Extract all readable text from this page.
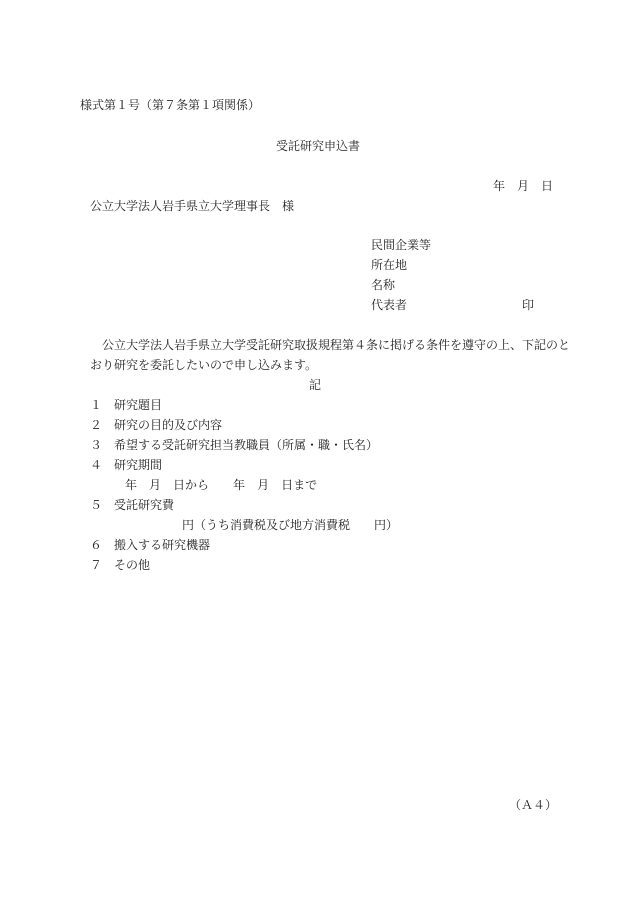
様式第１号（第７条第１項関係）
受託研究申込書
年 月 日
公立大学法人岩手県立大学理事長　様
民間企業等
所在地
名称
代表者	印
公立大学法人岩手県立大学受託研究取扱規程第４条に掲げる条件を遵守の上、下記のと
おり研究を委託したいので申し込みます。
記
１ 研究題目
２ 研究の目的及び内容
３ 希望する受託研究担当教職員（所属・職・氏名）
４ 研究期間
年 月 日から 年 月 日まで
５ 受託研究費
円（うち消費税及び地方消費税 円）
６ 搬入する研究機器
７ その他
（Ａ４）
